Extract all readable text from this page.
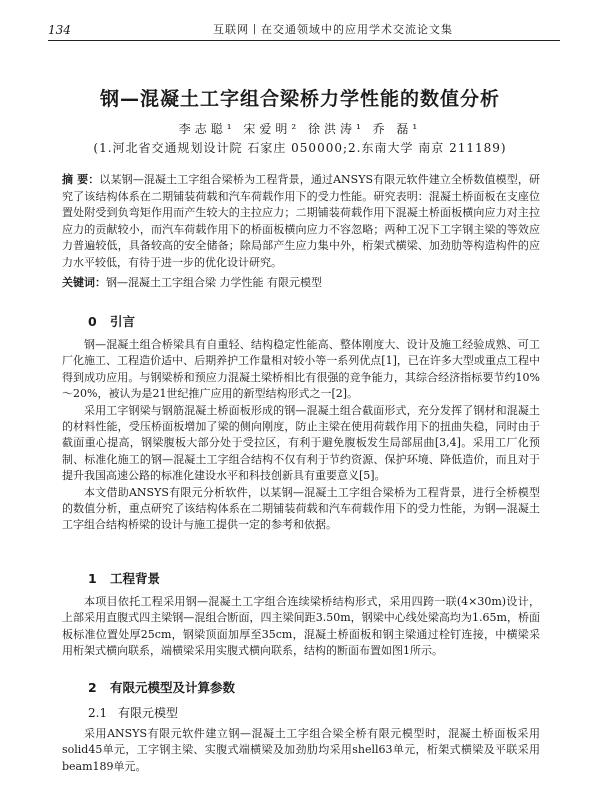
134	互联网丨在交通领域中的应用学术交流论文集
钢—混凝土工字组合梁桥力学性能的数值分析
李志聪¹ 宋爱明² 徐洪涛¹ 乔 磊¹
(1.河北省交通规划设计院 石家庄 050000;2.东南大学 南京 211189)
摘 要：以某钢—混凝土工字组合梁桥为工程背景，通过ANSYS有限元软件建立全桥数值模型，研究了该结构体系在二期铺装荷载和汽车荷载作用下的受力性能。研究表明：混凝土桥面板在支座位置处附受到负弯矩作用而产生较大的主拉应力；二期铺装荷载作用下混凝土桥面板横向应力对主拉应力的贡献较小，而汽车荷载作用下的桥面板横向应力不容忽略；两种工况下工字钢主梁的等效应力普遍较低，具备较高的安全储备；除局部产生应力集中外，桁架式横梁、加劲肋等构造构件的应力水平较低，有待于进一步的优化设计研究。
关键词：钢—混凝土工字组合梁 力学性能 有限元模型
0 引言

钢—混凝土组合桥梁具有自重轻、结构稳定性能高、整体刚度大、设计及施工经验成熟、可工厂化施工、工程造价适中、后期养护工作量相对较小等一系列优点[1]，已在许多大型或重点工程中得到成功应用。与钢梁桥和预应力混凝土梁桥相比有很强的竞争能力，其综合经济指标要节约10%～20%，被认为是21世纪推广应用的新型结构形式之一[2]。

采用工字钢梁与钢筋混凝土桥面板形成的钢—混凝土组合截面形式，充分发挥了钢材和混凝土的材料性能，受压桥面板增加了梁的侧向刚度，防止主梁在使用荷载作用下的扭曲失稳，同时由于截面重心提高，钢梁腹板大部分处于受拉区，有利于避免腹板发生局部屈曲[3,4]。采用工厂化预制、标准化施工的钢—混凝土工字组合结构不仅有利于节约资源、保护环境、降低造价，而且对于提升我国高速公路的标准化建设水平和科技创新具有重要意义[5]。

本文借助ANSYS有限元分析软件，以某钢—混凝土工字组合梁桥为工程背景，进行全桥模型的数值分析，重点研究了该结构体系在二期铺装荷载和汽车荷载作用下的受力性能，为钢—混凝土工字组合结构桥梁的设计与施工提供一定的参考和依据。

1 工程背景

本项目依托工程采用钢—混凝土工字组合连续梁桥结构形式，采用四跨一联(4×30m)设计，上部采用直腹式四主梁钢—混组合断面，四主梁间距3.50m，钢梁中心线处梁高均为1.65m，桥面板标准位置处厚25cm，钢梁顶面加厚至35cm，混凝土桥面板和钢主梁通过栓钉连接，中横梁采用桁架式横向联系，端横梁采用实腹式横向联系，结构的断面布置如图1所示。

2 有限元模型及计算参数
2.1 有限元模型

采用ANSYS有限元软件建立钢—混凝土工字组合梁全桥有限元模型时，混凝土桥面板采用solid45单元，工字钢主梁、实腹式端横梁及加劲肋均采用shell63单元，桁架式横梁及平联采用beam189单元。
